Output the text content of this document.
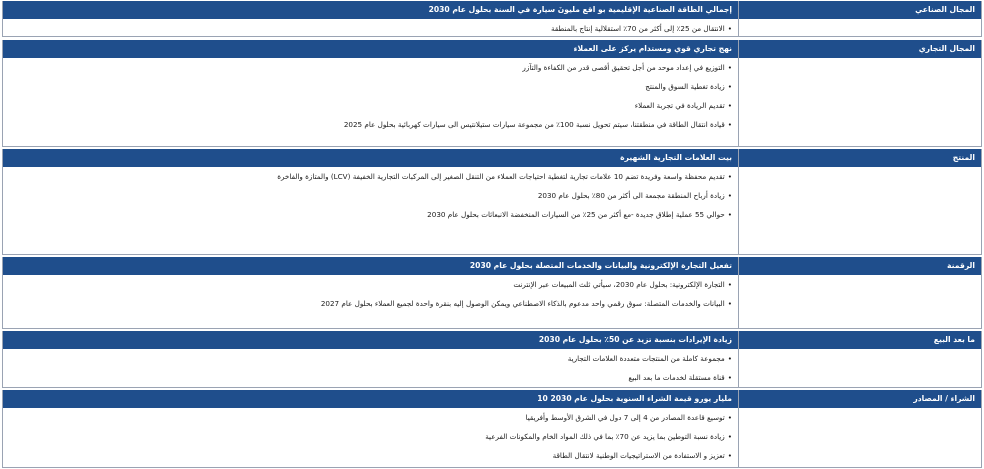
إجمالي الطاقة الصناعية الإقليمية بو اقع مليونَ سيارة في السنة بحلول عام 2030
• الانتقال من 25٪ إلى أكثر من 70٪ استقلالية إنتاج بالمنطقة
المجال الصناعي
نهج تجاري قوي ومستدام يركز على العملاء
• التوزيع في إعداد موحد من أجل تحقيق أقصى قدر من الكفاءة والتآزر
• زيادة تغطية السوق والمنتج
• تقديم الريادة في تجربة العملاء
• قيادة انتقال الطاقة في منطقتنا، سيتم تحويل نسبة 100٪ من مجموعة سيارات ستيلانتيس الى سيارات كهربائية بحلول عام 2025
المجال التجاري
بيت العلامات التجارية الشهيرة
• تقديم محفظة واسعة وفريدة تضم 10 علامات تجارية لتغطية احتياجات العملاء من التنقل الصغير إلى المركبات التجارية الخفيفة (LCV) والمتازة والفاخرة
• زيادة أرباح المنطقة مجمعة الى أكثر من 80٪ بحلول عام 2030
• حوالي 55 عملية إطلاق جديدة -مع أكثر من 25٪ من السيارات المنخفضة الانبعاثات بحلول عام 2030
المنتج
تفعيل التجارة الإلكترونية والبيانات والخدمات المتصلة بحلول عام 2030
• التجارة الإلكترونية: بحلول عام 2030، سيأتي ثلث المبيعات عبر الإنترنت
• البيانات والخدمات المتصلة: سوق رقمي واحد مدعوم بالذكاء الاصطناعي ويمكن الوصول إليه بنقرة واحدة لجميع العملاء بحلول عام 2027
الرقمنة
زيادة الإيرادات بنسبة تزيد عن 50٪ بحلول عام 2030
• مجموعة كاملة من المنتجات متعددة العلامات التجارية
• قناة مستقلة لخدمات ما بعد البيع
ما بعد البيع
10 مليار يورو قيمة الشراء السنوية بحلول عام 2030
• توسيع قاعدة المصادر من 4 إلى 7 دول في الشرق الأوسط وأفريقيا
• زيادة نسبة التوطين بما يزيد عن 70٪ بما في ذلك المواد الخام والمكونات الفرعية
• تعزيز و الاستفادة من الاستراتيجيات الوطنية لانتقال الطاقة
الشراء / المصادر
